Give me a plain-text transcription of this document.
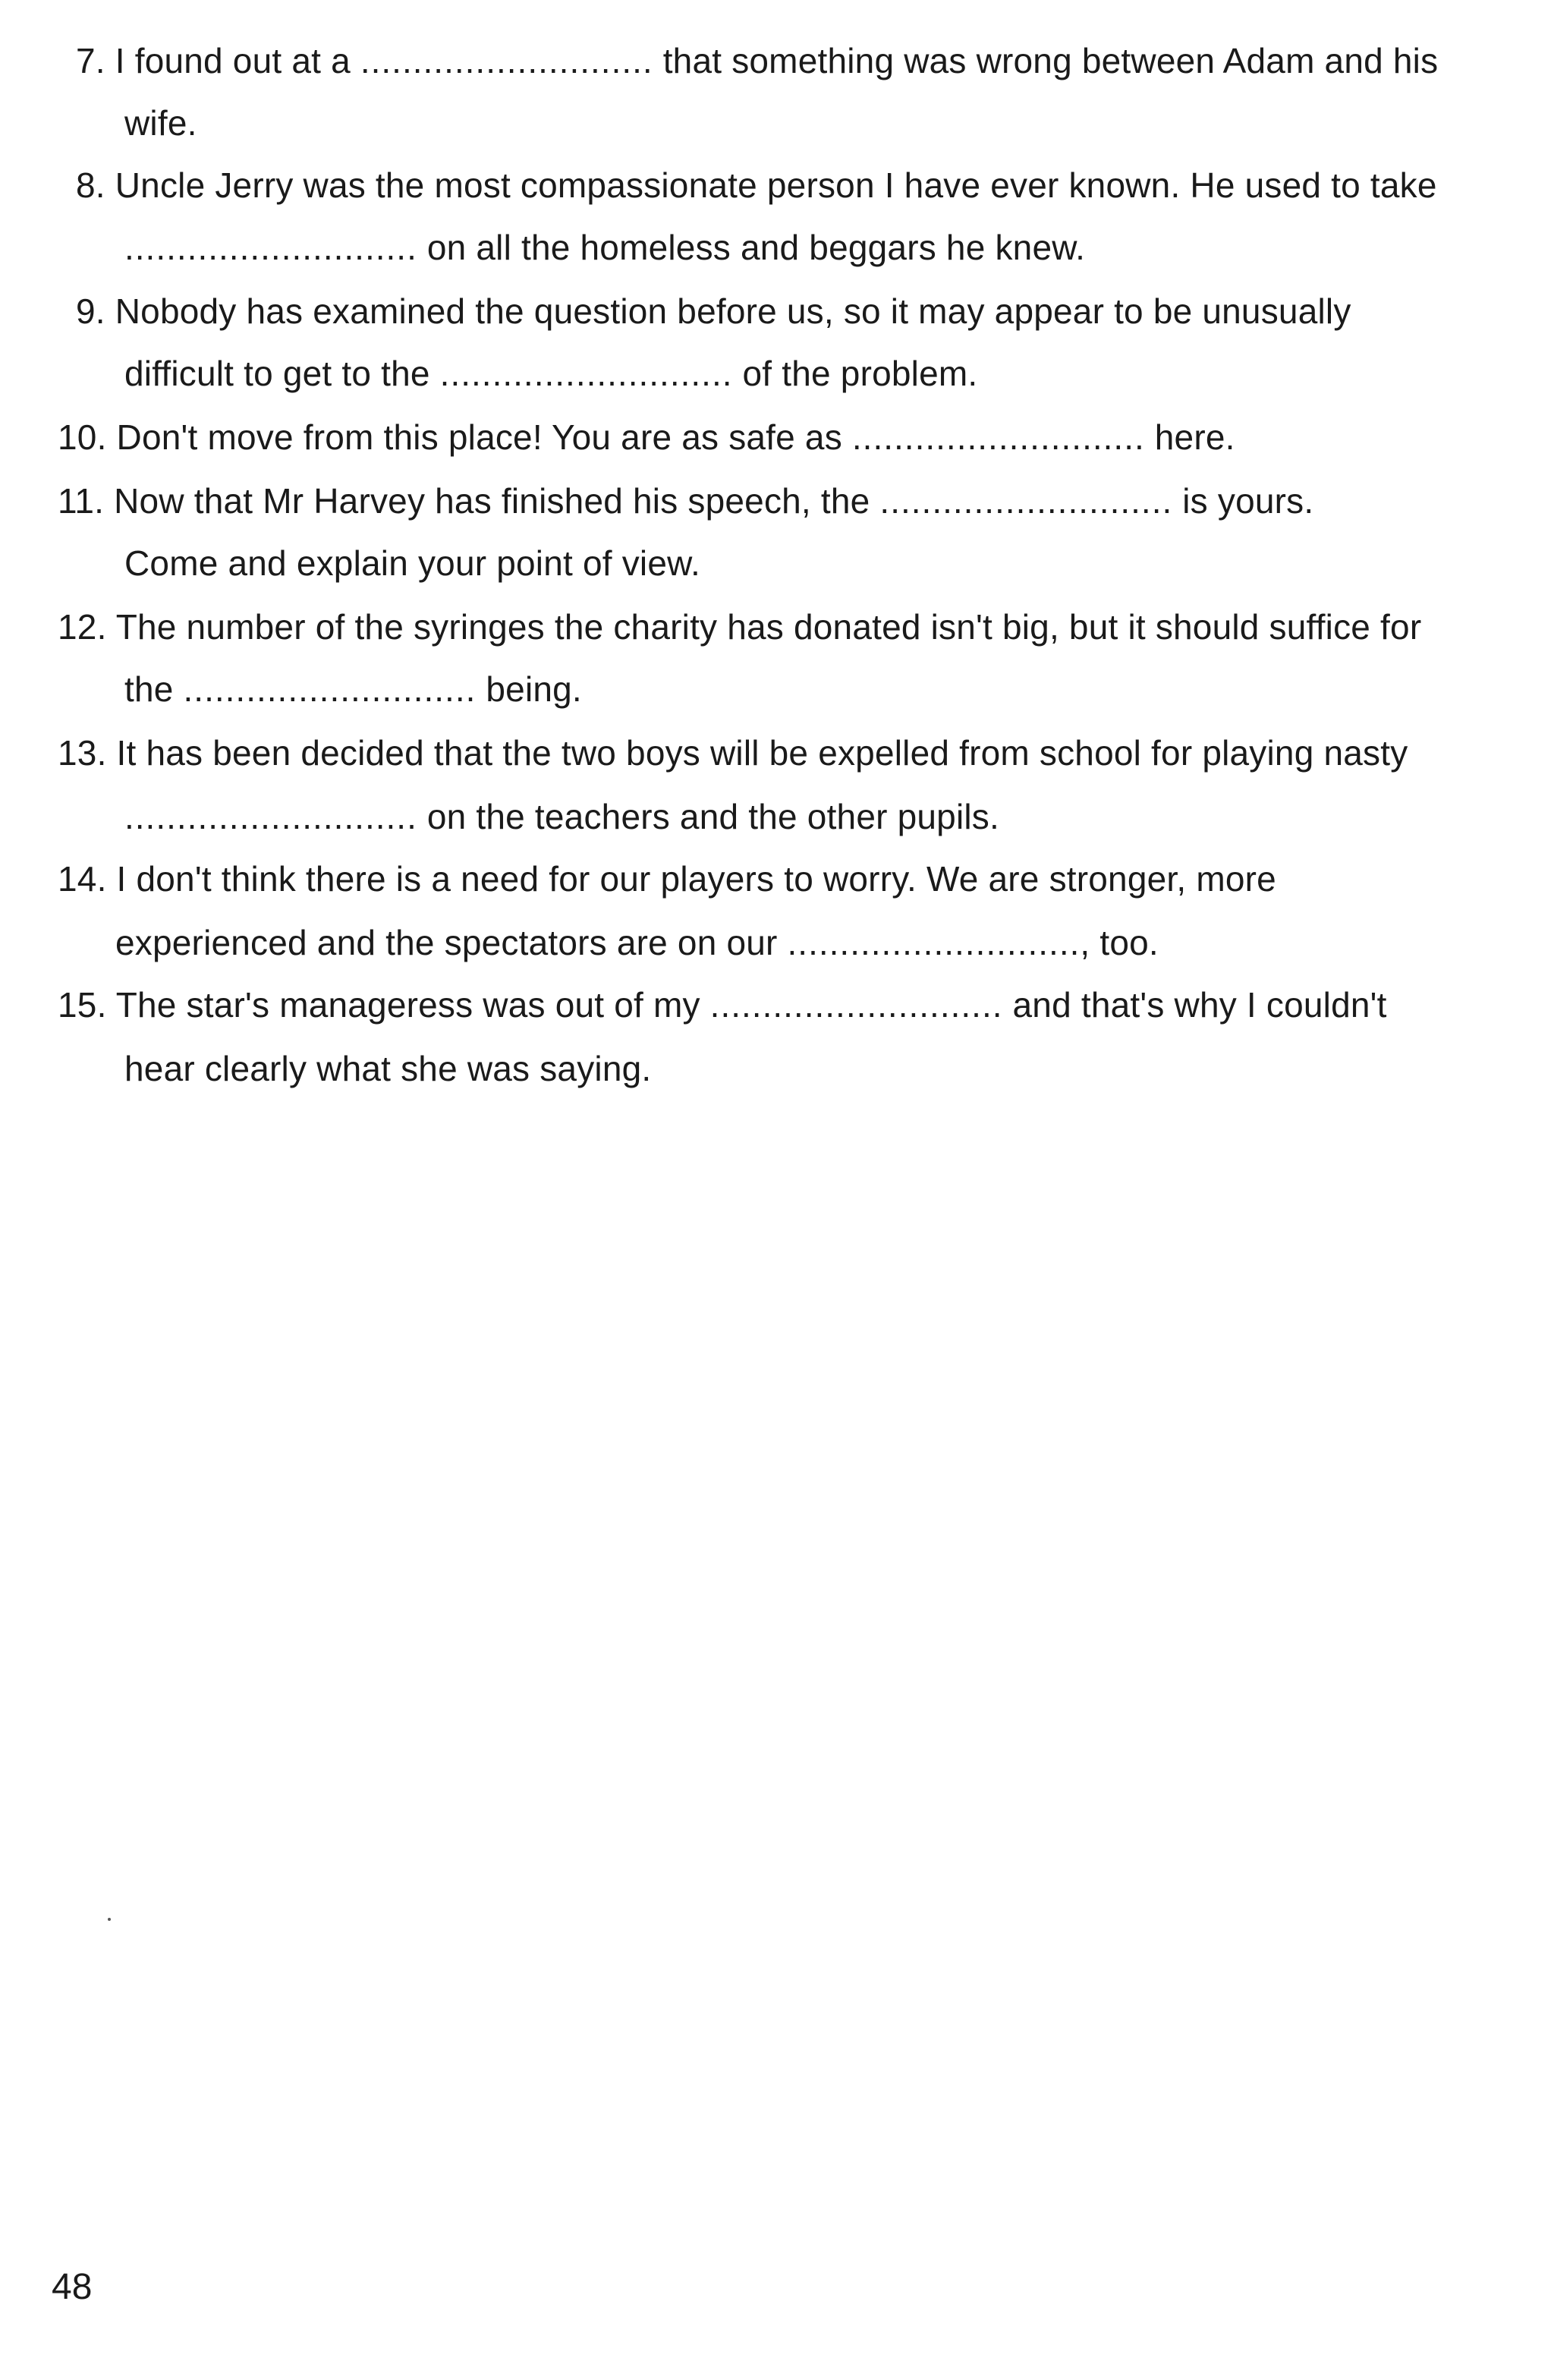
7. I found out at a ............................ that something was wrong between Adam and his
wife.
8. Uncle Jerry was the most compassionate person I have ever known. He used to take
............................ on all the homeless and beggars he knew.
9. Nobody has examined the question before us, so it may appear to be unusually
difficult to get to the ............................ of the problem.
10. Don't move from this place! You are as safe as ............................ here.
11. Now that Mr Harvey has finished his speech, the ............................ is yours.
Come and explain your point of view.
12. The number of the syringes the charity has donated isn't big, but it should suffice for
the ............................ being.
13. It has been decided that the two boys will be expelled from school for playing nasty
............................ on the teachers and the other pupils.
14. I don't think there is a need for our players to worry. We are stronger, more
experienced and the spectators are on our ............................, too.
15. The star's manageress was out of my ............................ and that's why I couldn't
hear clearly what she was saying.
48
